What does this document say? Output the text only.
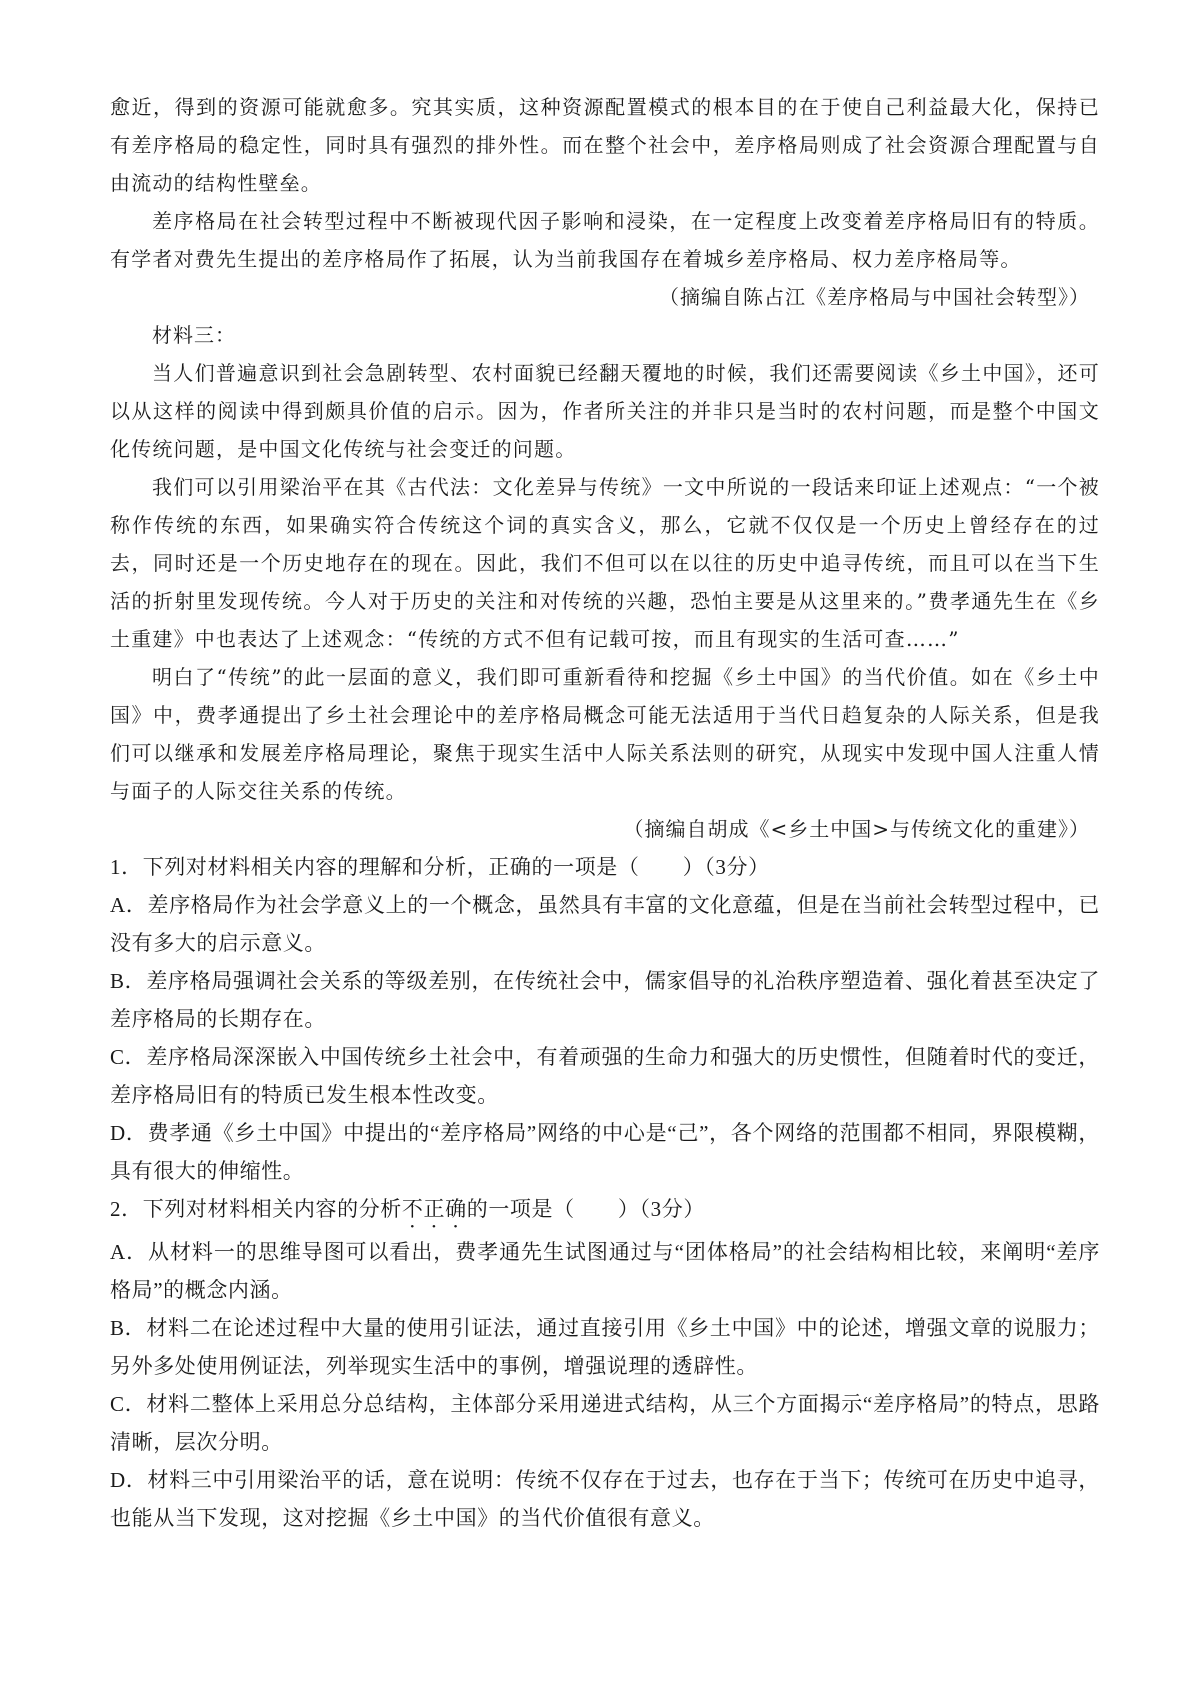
愈近，得到的资源可能就愈多。究其实质，这种资源配置模式的根本目的在于使自己利益最大化，保持已有差序格局的稳定性，同时具有强烈的排外性。而在整个社会中，差序格局则成了社会资源合理配置与自由流动的结构性壁垒。

差序格局在社会转型过程中不断被现代因子影响和浸染，在一定程度上改变着差序格局旧有的特质。有学者对费先生提出的差序格局作了拓展，认为当前我国存在着城乡差序格局、权力差序格局等。

（摘编自陈占江《差序格局与中国社会转型》）

材料三：

当人们普遍意识到社会急剧转型、农村面貌已经翻天覆地的时候，我们还需要阅读《乡土中国》，还可以从这样的阅读中得到颇具价值的启示。因为，作者所关注的并非只是当时的农村问题，而是整个中国文化传统问题，是中国文化传统与社会变迁的问题。

我们可以引用梁治平在其《古代法：文化差异与传统》一文中所说的一段话来印证上述观点：“一个被称作传统的东西，如果确实符合传统这个词的真实含义，那么，它就不仅仅是一个历史上曾经存在的过去，同时还是一个历史地存在的现在。因此，我们不但可以在以往的历史中追寻传统，而且可以在当下生活的折射里发现传统。今人对于历史的关注和对传统的兴趣，恐怕主要是从这里来的。”费孝通先生在《乡土重建》中也表达了上述观念：“传统的方式不但有记载可按，而且有现实的生活可查……”

明白了“传统”的此一层面的意义，我们即可重新看待和挖掘《乡土中国》的当代价值。如在《乡土中国》中，费孝通提出了乡土社会理论中的差序格局概念可能无法适用于当代日趋复杂的人际关系，但是我们可以继承和发展差序格局理论，聚焦于现实生活中人际关系法则的研究，从现实中发现中国人注重人情与面子的人际交往关系的传统。

（摘编自胡成《<乡土中国>与传统文化的重建》）

1．下列对材料相关内容的理解和分析，正确的一项是（　　）（3分）

A．差序格局作为社会学意义上的一个概念，虽然具有丰富的文化意蕴，但是在当前社会转型过程中，已没有多大的启示意义。

B．差序格局强调社会关系的等级差别，在传统社会中，儒家倡导的礼治秩序塑造着、强化着甚至决定了差序格局的长期存在。

C．差序格局深深嵌入中国传统乡土社会中，有着顽强的生命力和强大的历史惯性，但随着时代的变迁，差序格局旧有的特质已发生根本性改变。

D．费孝通《乡土中国》中提出的“差序格局”网络的中心是“己”，各个网络的范围都不相同，界限模糊，具有很大的伸缩性。

2．下列对材料相关内容的分析不正确的一项是（　　）（3分）

A．从材料一的思维导图可以看出，费孝通先生试图通过与“团体格局”的社会结构相比较，来阐明“差序格局”的概念内涵。

B．材料二在论述过程中大量的使用引证法，通过直接引用《乡土中国》中的论述，增强文章的说服力；另外多处使用例证法，列举现实生活中的事例，增强说理的透辟性。

C．材料二整体上采用总分总结构，主体部分采用递进式结构，从三个方面揭示“差序格局”的特点，思路清晰，层次分明。

D．材料三中引用梁治平的话，意在说明：传统不仅存在于过去，也存在于当下；传统可在历史中追寻，也能从当下发现，这对挖掘《乡土中国》的当代价值很有意义。
